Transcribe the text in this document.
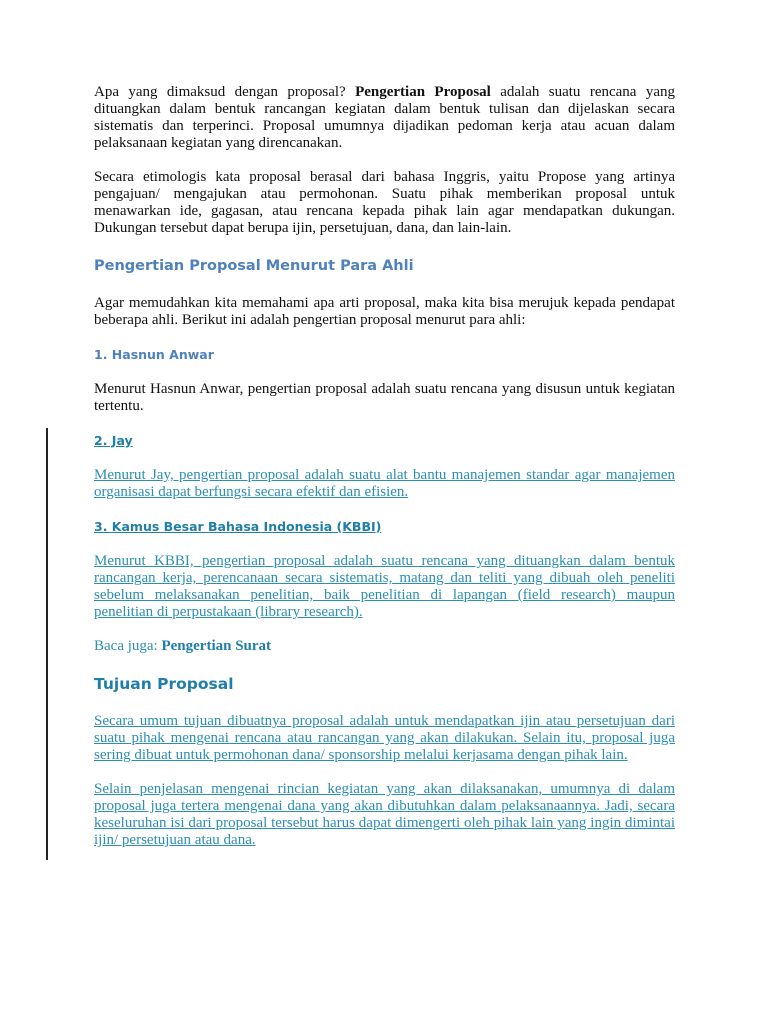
Apa yang dimaksud dengan proposal? Pengertian Proposal adalah suatu rencana yang dituangkan dalam bentuk rancangan kegiatan dalam bentuk tulisan dan dijelaskan secara sistematis dan terperinci. Proposal umumnya dijadikan pedoman kerja atau acuan dalam pelaksanaan kegiatan yang direncanakan.

Secara etimologis kata proposal berasal dari bahasa Inggris, yaitu Propose yang artinya pengajuan/ mengajukan atau permohonan. Suatu pihak memberikan proposal untuk menawarkan ide, gagasan, atau rencana kepada pihak lain agar mendapatkan dukungan. Dukungan tersebut dapat berupa ijin, persetujuan, dana, dan lain-lain.

Pengertian Proposal Menurut Para Ahli

Agar memudahkan kita memahami apa arti proposal, maka kita bisa merujuk kepada pendapat beberapa ahli. Berikut ini adalah pengertian proposal menurut para ahli:

1. Hasnun Anwar

Menurut Hasnun Anwar, pengertian proposal adalah suatu rencana yang disusun untuk kegiatan tertentu.

2. Jay

Menurut Jay, pengertian proposal adalah suatu alat bantu manajemen standar agar manajemen organisasi dapat berfungsi secara efektif dan efisien.

3. Kamus Besar Bahasa Indonesia (KBBI)

Menurut KBBI, pengertian proposal adalah suatu rencana yang dituangkan dalam bentuk rancangan kerja, perencanaan secara sistematis, matang dan teliti yang dibuah oleh peneliti sebelum melaksanakan penelitian, baik penelitian di lapangan (field research) maupun penelitian di perpustakaan (library research).

Baca juga: Pengertian Surat

Tujuan Proposal

Secara umum tujuan dibuatnya proposal adalah untuk mendapatkan ijin atau persetujuan dari suatu pihak mengenai rencana atau rancangan yang akan dilakukan. Selain itu, proposal juga sering dibuat untuk permohonan dana/ sponsorship melalui kerjasama dengan pihak lain.

Selain penjelasan mengenai rincian kegiatan yang akan dilaksanakan, umumnya di dalam proposal juga tertera mengenai dana yang akan dibutuhkan dalam pelaksanaannya. Jadi, secara keseluruhan isi dari proposal tersebut harus dapat dimengerti oleh pihak lain yang ingin dimintai ijin/ persetujuan atau dana.
